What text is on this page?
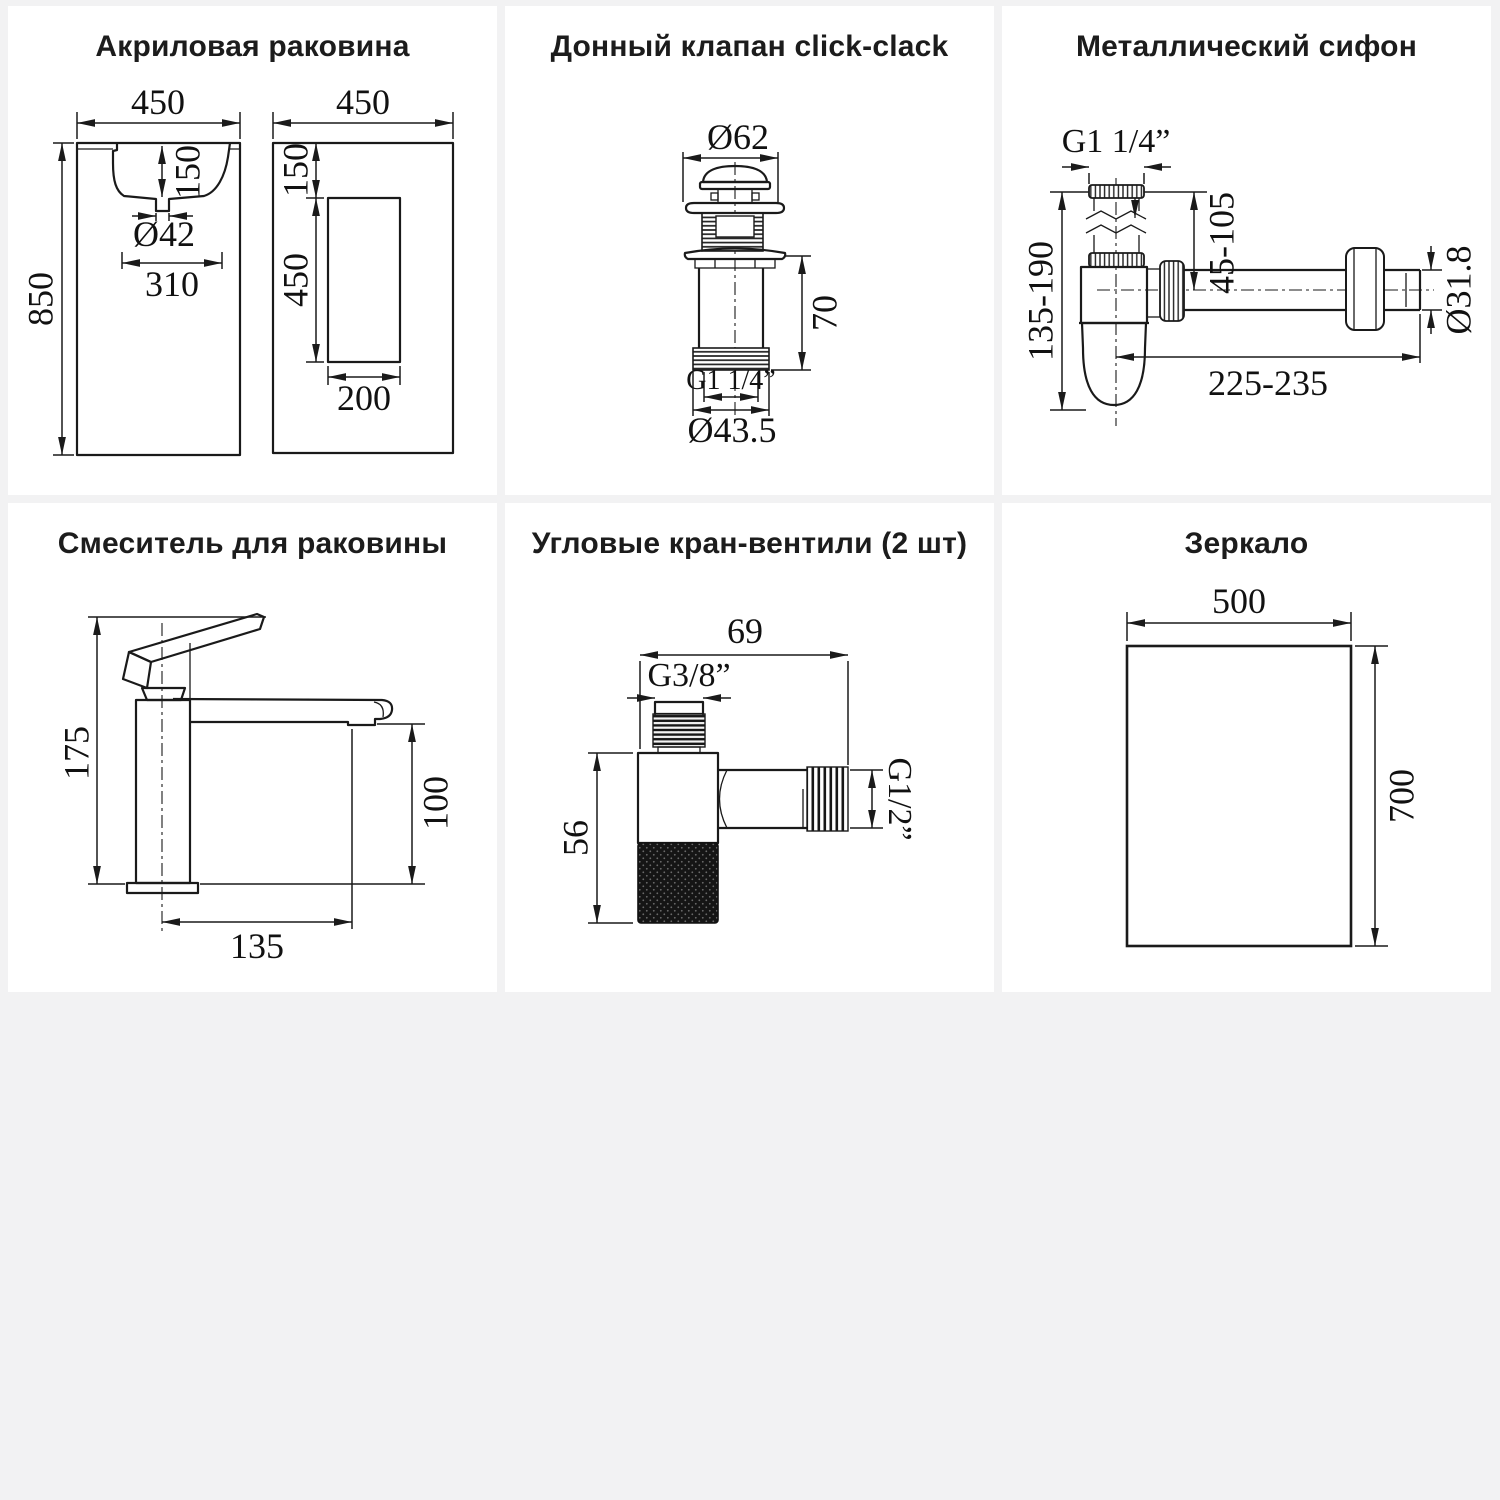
Акриловая раковина
450
850
150
Ø42
310
450
150
450
200
Донный клапан click-clack
Ø62
70
G1 1/4”
Ø43.5
Металлический сифон
G1 1/4”
45-105
135-190
225-235
Ø31.8
Смеситель для раковины
175
100
135
Угловые кран-вентили (2 шт)
69
G3/8”
56	G1/2”
Зеркало
500
700
